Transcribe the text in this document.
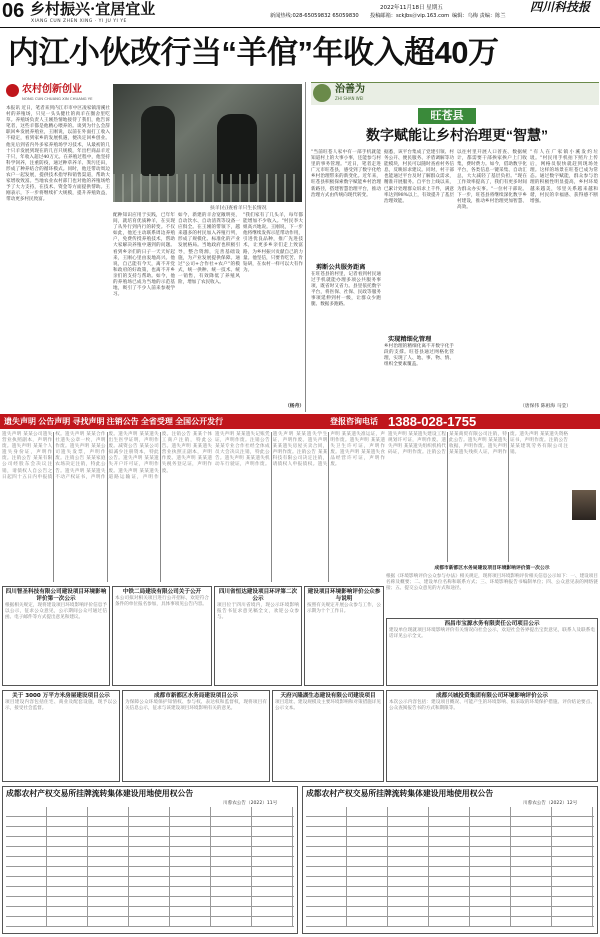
06 乡村振兴·宜居宜业
XIANG CUN ZHEN XING · YI JU YI YE
2022年11月18日 星期五
编辑：乌梅 责编：陈兰
新闻热线:028-65059832 65059830 投稿邮箱：sckjbs＠vip.163.com
四川科技报
内江小伙改行当“羊倌”年收入超40万
农村创新创业
NONG CUN CHUANG XIN CHUANG YE
本报讯 近日，笔者来到内江市市中区凌家镇清溪社村的养殖场，只见一头头健壮的肉羊在圈舍里吃草。养殖场负责人王刚热情地接待了我们，他告诉笔者，这些羊都是他精心喂养的。谈到为什么会辞职回乡发展养殖业，王刚说，以前在外面打工收入不稳定，看到家乡的发展机遇，便决定回乡创业。他先后到省内外多家养殖场学习技术，从最初的几十只羊发展到现在的几百只规模，年出栏商品羊近千只，年收入超过40万元。在养殖过程中，他坚持科学饲养，注重防疫，通过种草养羊、粪污还田，形成了种养结合的循环模式。同时，他还带动周边农户一起发展，提供技术指导和销售渠道，帮助大家增收致富。当地农业农村部门也对他的养殖场给予了大力支持，在技术、资金等方面提供帮助。王刚表示，下一步将继续扩大规模，提升养殖效益，带动更多村民致富。
扶羊(右)查看羊只生长情况
配种知识应用于实践，已年年间，就培育优质种羊，在实现了从外行到内行的转变。不仅如此，他还主动联系周边养殖户，免费传授养殖技术，帮助大家解决养殖中遇到的问题。看到乡亲们的日子一天天好起来，王刚心里由衷地高兴。他说，自己能有今天，离不开党和政府的好政策，也离不开乡亲们的支持与帮助。如今，他的养殖场已成为当地的示范基地，吸引了不少人前来参观学习。
如今，新建的羊舍宽敞明亮，自动饮水、自动清粪等设备一应俱全。在王刚的带领下，越来越多的村民加入养殖行列，形成了规模化、标准化的产业发展格局。当地政府也积极引导，整合资源，完善基础设施，为产业发展提供保障。通过"公司+合作社+农户"的模式，统一供种、统一技术、统一销售，有效降低了养殖风险，增加了农民收入。
"我们家有了几头羊，每年都能增加不少收入。"村民李大姐高兴地说。王刚说，下一步他将继续发挥示范带动作用，引进优良品种，推广先进技术，让更多乡亲们走上致富路，为乡村振兴贡献自己的力量。他坚信，只要肯吃苦、肯钻研，在农村一样可以大有作为。
（杨舟）
治善为
ZHI SHAN WEI
旺苍县
数字赋能让乡村治理更“智慧”
"当前旺苍人家中有一部手机就能知道村上的大事小事，还能参与村里的事务管理。"近日，笔者走进广元市旺苍县，感受到了数字化给乡村治理带来的新变化。近年来，旺苍县积极探索数字赋能乡村治理新路径，搭建智慧治理平台，推动治理方式由传统向现代转变。
剪断公共服务距离
在旺苍县的村里，记者看到村民通过手机就能办理多项公共服务事项，既省时又省力。县里依托数字平台，将医保、社保、民政等服务事项延伸到村一级，让群众少跑腿、数据多跑路。
据悉，该平台集成了党建引领、村务公开、便民服务、矛盾调解等功能模块，村民可以随时查看村务信息，反映诉求建议。同时，村干部也能通过平台及时了解群众需求，精准开展服务。自平台上线以来，已累计处理群众诉求上千件，满意率达到98%以上，有效提升了基层治理效能。
实现精细化管理
乡村治理的精细化离不开数字化手段的支撑。旺苍县通过网格化管理，实现了人、地、事、物、情、组织全要素覆盖。
以往村里开展人口普查、数据统计，都需要干部挨家挨户上门收集，费时费力。如今，借助数字化平台，各类信息一键采集、自动汇总，大大减轻了基层负担。"现在工作效率提高了，我们有更多时间为群众办实事。"一位村干部说。下一步，旺苍县将继续深化数字乡村建设，推动乡村治理更加智慧、高效。
"有人在广家镇小溪发约垃圾。"村民用手机拍下照片上传后，网格员很快就赶到现场处理。这样的场景在旺苍已成为常态。通过数字赋能，群众参与治理的积极性明显提高，乡村环境越来越美，邻里关系越来越和谐，村民的幸福感、获得感不断增强。
（唐保伟 陈祖海 马莹）
遗失声明 公告声明 寻找声明 注销公告 全省受理 全国公开发行	登报咨询电话 1388-028-1755
遗失声明 某某公司遗失营业执照副本，声明作废。遗失声明 某某个人遗失身份证，声明作废。注销公告 某某有限公司经股东会决议注销，请债权人自公告之日起四十五日内申报债权。遗失声明 某某合作社遗失公章一枚，声明作废。遗失声明 某某公司遗失发票，声明作废。注销公告 某某家庭农场决定注销，特此公告。遗失声明 某某遗失不动产权证书，声明作废。遗失声明 某某遗失出生医学证明，声明作废。减资公告 某某公司拟减少注册资本，特此公告。遗失声明 某某遗失开户许可证，声明作废。遗失声明 某某遗失道路运输证，声明作废。注销公告 某某个体工商户注销，特此公告。遗失声明 某某遗失营业执照正副本，声明作废。遗失声明 某某遗失税务登记证，声明作废。
遗失声明 某某遗失记账凭证，声明作废。注销公告 某某专业合作社经全体成员大会决议注销，特此公告。遗失声明 某某遗失机动车行驶证，声明作废。遗失声明 某某遗失学生证，声明作废。遗失声明 某某遗失房屋买卖合同，声明作废。注销公告 某某科技有限公司决定注销，请债权人申报债权。遗失声明 某某遗失准运证，声明作废。遗失声明 某某遗失卫生许可证，声明作废。遗失声明 某某遗失食品经营许可证，声明作废。
遗失声明 某某遗失建设工程规划许可证，声明作废。遗失声明 某某遗失组织机构代码证，声明作废。注销公告 某某商贸有限公司注销，特此公告。遗失声明 某某遗失收据，声明作废。遗失声明 某某遗失残疾人证，声明作废。遗失声明 某某遗失资格证书，声明作废。注销公告 某某建筑劳务有限公司注销。
成都市新都区水务局建设项目环境影响评价第一次公示
根据《环境影响评价公众参与办法》相关规定，现将项目环境影响评价相关信息公示如下：一、建设项目名称及概要；二、建设单位名称和联系方式；三、环境影响报告书编制单位；四、公众意见表的网络链接；五、提交公众意见的方式和途径。
四川智圣科技有限公司建设项目环境影响评价第一次公示
根据相关规定，现将建设项目环境影响评价信息予以公示，征求公众意见，公示期间公众可通过信函、电子邮件等方式提出意见和建议。
中铁二局建设有限公司关于公开
本公司拟对相关项目进行公开招标，欢迎符合条件的单位报名参加，具体事项见公告内容。
四川省恒达建设项目环评第二次公示
项目位于四川省境内，现公示环境影响报告书征求意见稿全文，欢迎公众参与。
建设项目环境影响评价公众参与说明
按照有关规定开展公众参与工作，公示期为十个工作日。
西昌市宝源水务有限责任公司项目公示
建设单位现就项目环境影响评价有关情况向社会公示，欢迎社会各界提出宝贵意见，联系人及联系电话详见公示全文。
关于 3000 万平方米房屋建设项目公示
项目建设内容包括住宅、商业及配套设施，现予以公示，接受社会监督。
成都市新都区水务局建设项目公示
为保障公众环境保护知情权、参与权、表达权和监督权，现将项目有关信息公示，征求与该建设项目环境影响有关的意见。
天府兴隆湖生态建设有限公司建设项目
项目选址、建设规模及主要环境影响和对策措施详见公示文本。
成都兴城投资集团有限公司环境影响评价公示
本次公示内容包括：建设项目概况、可能产生的环境影响、拟采取的环境保护措施、评价结论要点、公众查阅报告书的方式和期限等。
成都农村产权交易所挂牌流转集体建设用地使用权公告
川蓉农公告（2022）11号
成都农村产权交易所挂牌流转集体建设用地使用权公告
川蓉农公告（2022）12号
